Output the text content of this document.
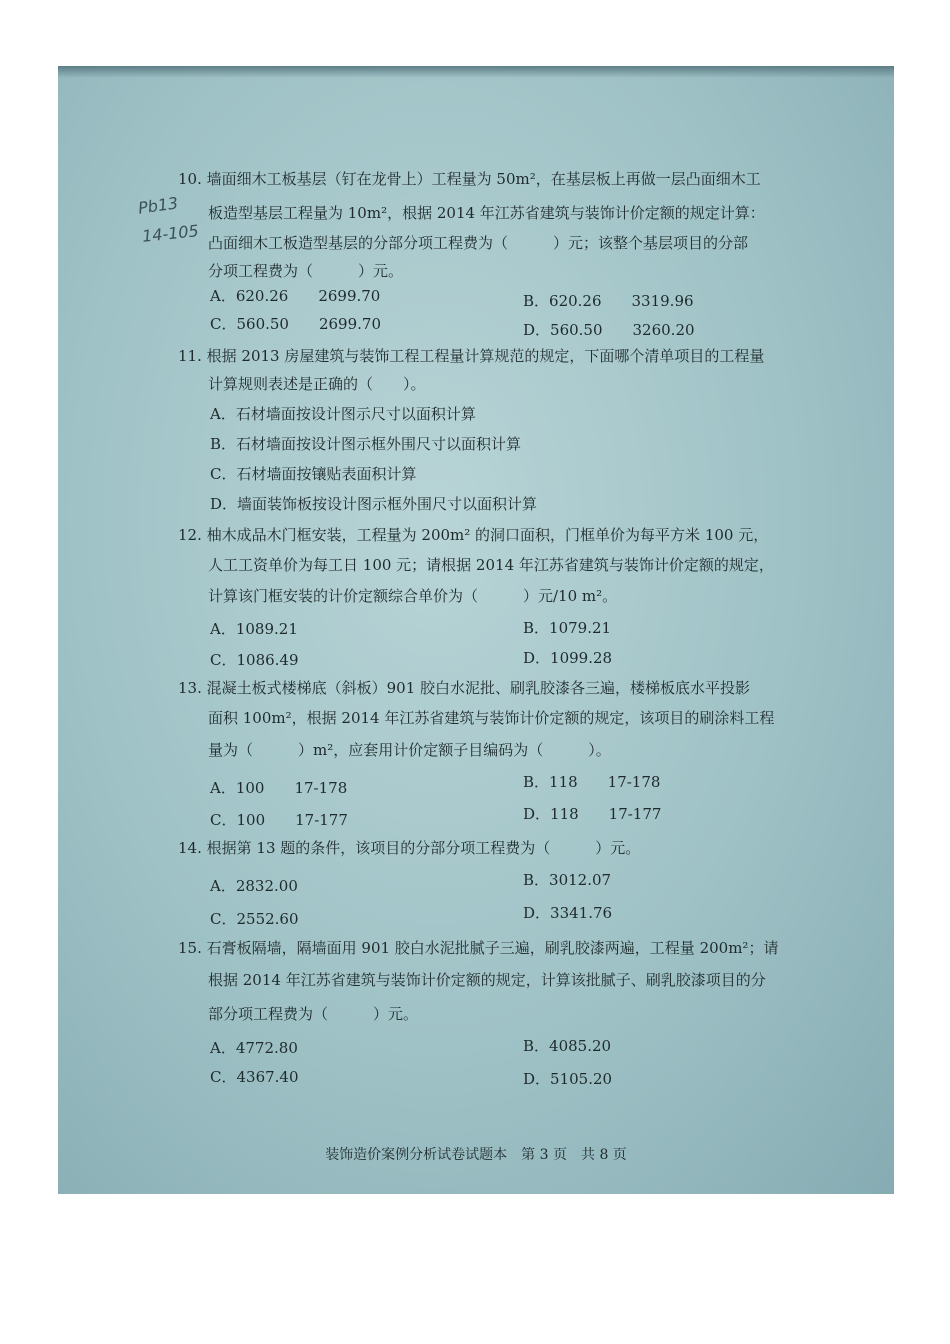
Pb13
14-105
10. 墙面细木工板基层（钉在龙骨上）工程量为 50m²，在基层板上再做一层凸面细木工
板造型基层工程量为 10m²，根据 2014 年江苏省建筑与装饰计价定额的规定计算：
凸面细木工板造型基层的分部分项工程费为（　　　）元；该整个基层项目的分部
分项工程费为（　　　）元。
A．620.26　　2699.70	B．620.26　　3319.96
C．560.50　　2699.70	D．560.50　　3260.20
11. 根据 2013 房屋建筑与装饰工程工程量计算规范的规定，下面哪个清单项目的工程量
计算规则表述是正确的（　　）。
A．石材墙面按设计图示尺寸以面积计算
B．石材墙面按设计图示框外围尺寸以面积计算
C．石材墙面按镶贴表面积计算
D．墙面装饰板按设计图示框外围尺寸以面积计算
12. 柚木成品木门框安装，工程量为 200m² 的洞口面积，门框单价为每平方米 100 元，
人工工资单价为每工日 100 元；请根据 2014 年江苏省建筑与装饰计价定额的规定，
计算该门框安装的计价定额综合单价为（　　　）元/10 m²。
A．1089.21	B．1079.21
C．1086.49	D．1099.28
13. 混凝土板式楼梯底（斜板）901 胶白水泥批、刷乳胶漆各三遍，楼梯板底水平投影
面积 100m²，根据 2014 年江苏省建筑与装饰计价定额的规定，该项目的刷涂料工程
量为（　　　）m²，应套用计价定额子目编码为（　　　）。
A．100　　17-178	B．118　　17-178
C．100　　17-177	D．118　　17-177
14. 根据第 13 题的条件，该项目的分部分项工程费为（　　　）元。
A．2832.00	B．3012.07
C．2552.60	D．3341.76
15. 石膏板隔墙，隔墙面用 901 胶白水泥批腻子三遍，刷乳胶漆两遍，工程量 200m²；请
根据 2014 年江苏省建筑与装饰计价定额的规定，计算该批腻子、刷乳胶漆项目的分
部分项工程费为（　　　）元。
A．4772.80	B．4085.20
C．4367.40	D．5105.20
装饰造价案例分析试卷试题本　第 3 页　共 8 页
